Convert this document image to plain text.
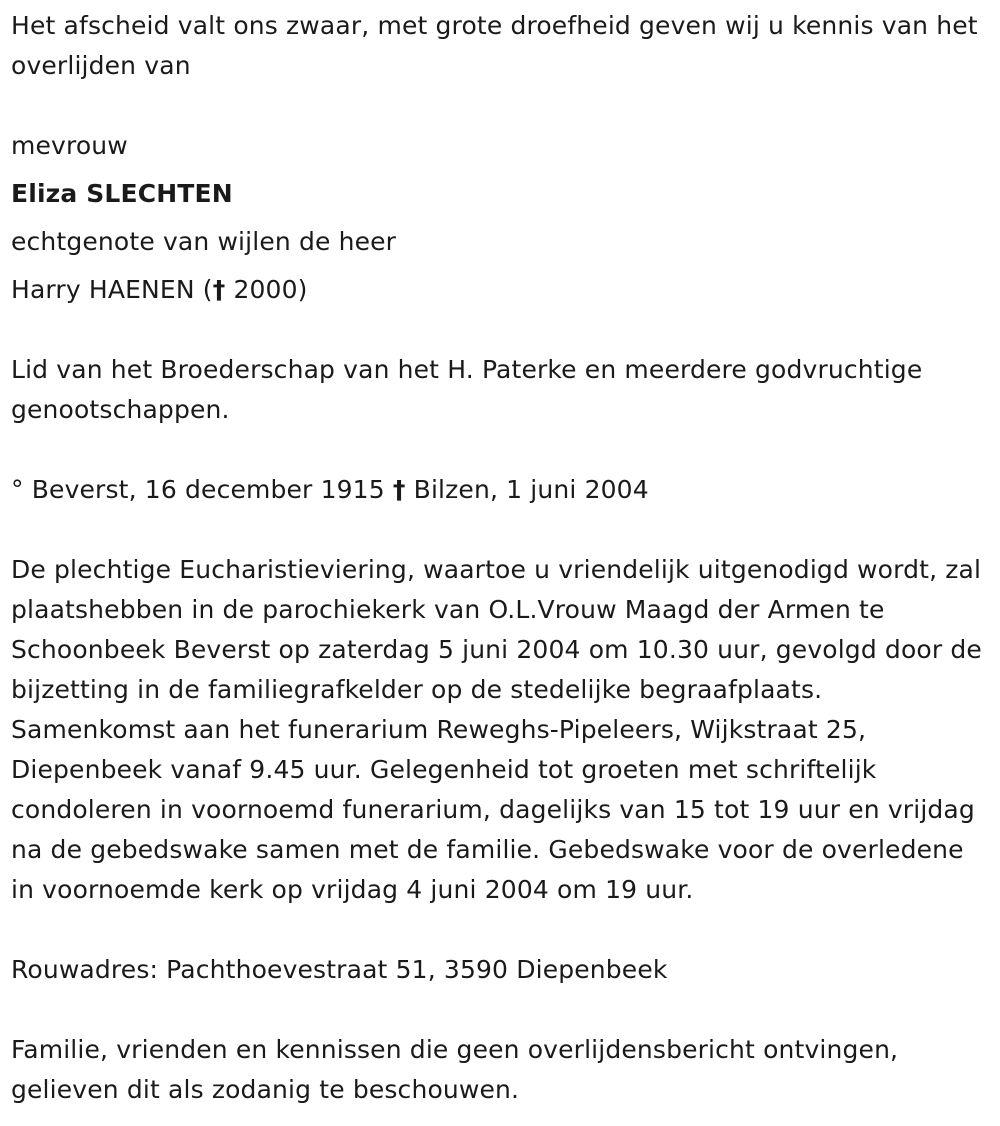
Het afscheid valt ons zwaar, met grote droefheid geven wij u kennis van het overlijden van

mevrouw

Eliza SLECHTEN

echtgenote van wijlen de heer

Harry HAENEN († 2000)

Lid van het Broederschap van het H. Paterke en meerdere godvruchtige genootschappen.

° Beverst, 16 december 1915 † Bilzen, 1 juni 2004

De plechtige Eucharistieviering, waartoe u vriendelijk uitgenodigd wordt, zal plaatshebben in de parochiekerk van O.L.Vrouw Maagd der Armen te Schoonbeek Beverst op zaterdag 5 juni 2004 om 10.30 uur, gevolgd door de bijzetting in de familiegrafkelder op de stedelijke begraafplaats. Samenkomst aan het funerarium Reweghs-Pipeleers, Wijkstraat 25, Diepenbeek vanaf 9.45 uur. Gelegenheid tot groeten met schriftelijk condoleren in voornoemd funerarium, dagelijks van 15 tot 19 uur en vrijdag na de gebedswake samen met de familie. Gebedswake voor de overledene in voornoemde kerk op vrijdag 4 juni 2004 om 19 uur.

Rouwadres: Pachthoevestraat 51, 3590 Diepenbeek

Familie, vrienden en kennissen die geen overlijdensbericht ontvingen, gelieven dit als zodanig te beschouwen.
